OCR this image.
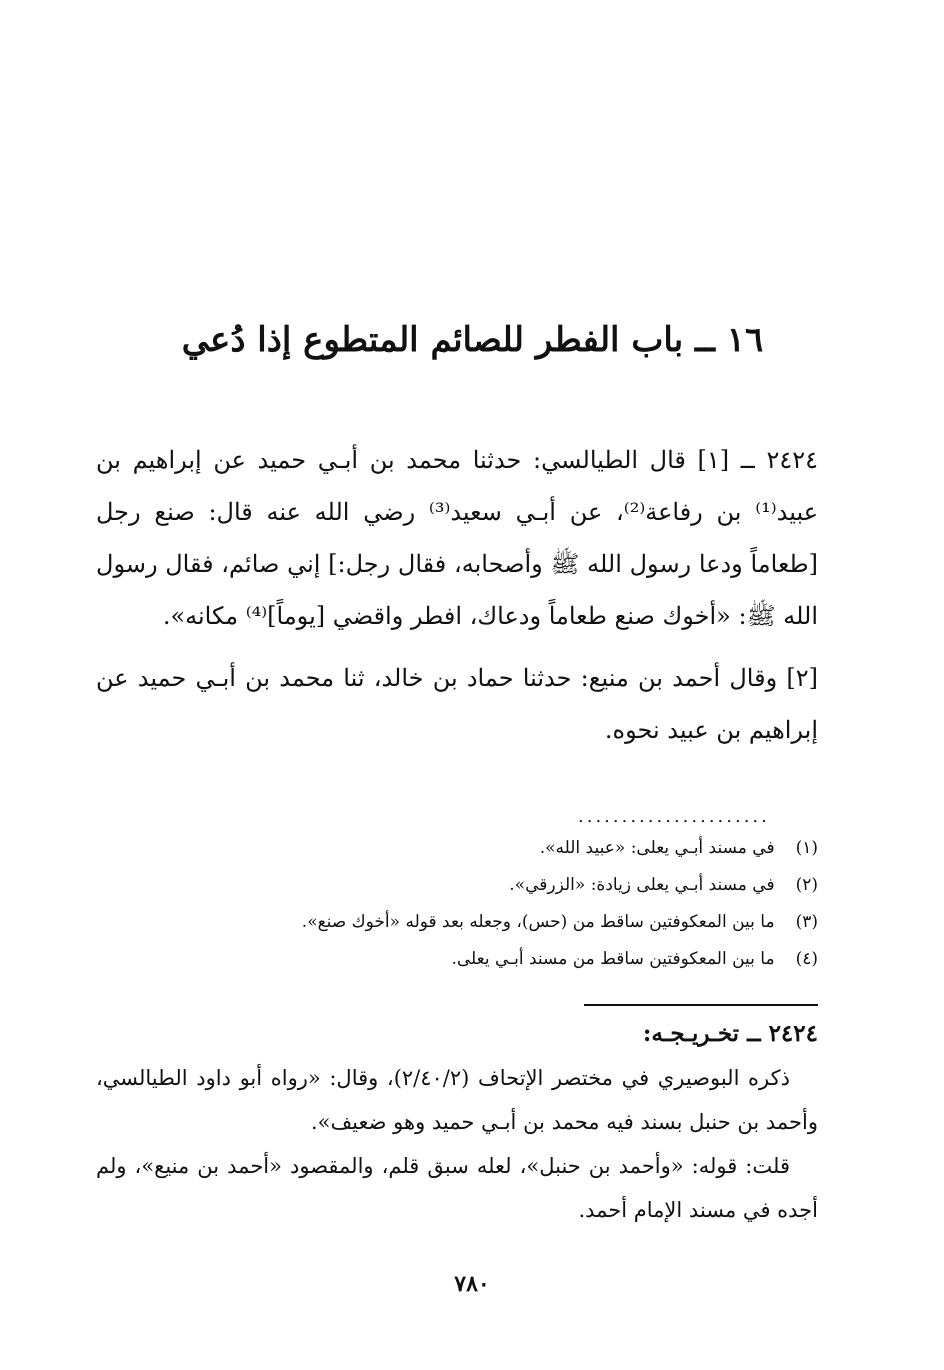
١٦ ــ باب الفطر للصائم المتطوع إذا دُعي

٢٤٢٤ ــ [١] قال الطيالسي: حدثنا محمد بن أبـي حميد عن إبراهيم بن عبيد⁽¹⁾ بن رفاعة⁽²⁾، عن أبـي سعيد⁽³⁾ رضي الله عنه قال: صنع رجل [طعاماً ودعا رسول الله ﷺ وأصحابه، فقال رجل:] إني صائم، فقال رسول الله ﷺ: «أخوك صنع طعاماً ودعاك، افطر واقضي [يوماً]⁽⁴⁾ مكانه».

[٢] وقال أحمد بن منيع: حدثنا حماد بن خالد، ثنا محمد بن أبـي حميد عن إبراهيم بن عبيد نحوه.

......................
(١) في مسند أبـي يعلى: «عبيد الله».
(٢) في مسند أبـي يعلى زيادة: «الزرقي».
(٣) ما بين المعكوفتين ساقط من (حس)، وجعله بعد قوله «أخوك صنع».
(٤) ما بين المعكوفتين ساقط من مسند أبـي يعلى.
٢٤٢٤ ــ تخـريـجـه:

ذكره البوصيري في مختصر الإتحاف (٢/٤٠/٢)، وقال: «رواه أبو داود الطيالسي، وأحمد بن حنبل بسند فيه محمد بن أبـي حميد وهو ضعيف».

قلت: قوله: «وأحمد بن حنبل»، لعله سبق قلم، والمقصود «أحمد بن منيع»، ولم أجده في مسند الإمام أحمد.

٧٨٠
